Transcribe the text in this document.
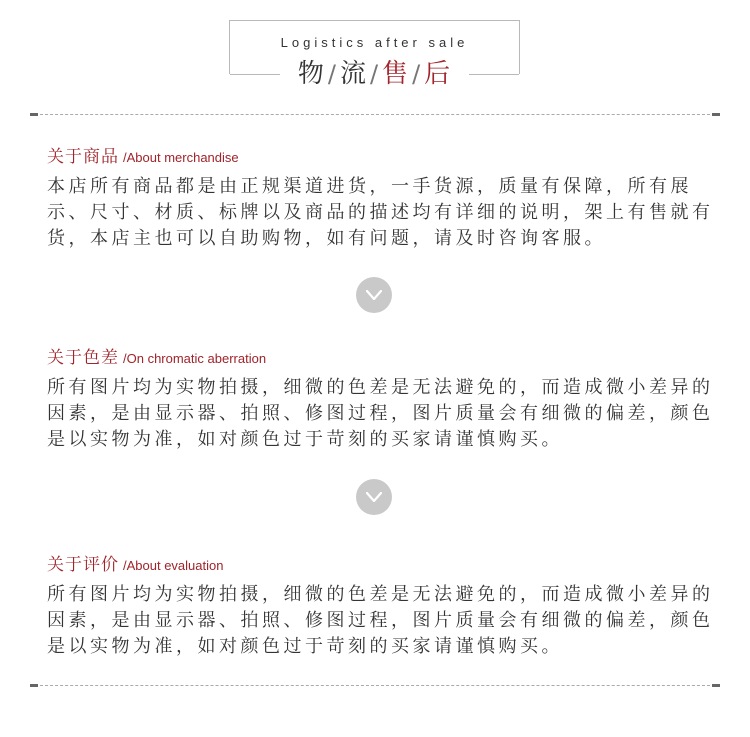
Logistics after sale
物 / 流 / 售 / 后
关于商品 /About merchandise
本店所有商品都是由正规渠道进货，一手货源，质量有保障，所有展示、尺寸、材质、标牌以及商品的描述均有详细的说明，架上有售就有货，本店主也可以自助购物，如有问题，请及时咨询客服。
关于色差 /On chromatic aberration
所有图片均为实物拍摄，细微的色差是无法避免的，而造成微小差异的因素，是由显示器、拍照、修图过程，图片质量会有细微的偏差，颜色是以实物为准，如对颜色过于苛刻的买家请谨慎购买。
关于评价 /About evaluation
所有图片均为实物拍摄，细微的色差是无法避免的，而造成微小差异的因素，是由显示器、拍照、修图过程，图片质量会有细微的偏差，颜色是以实物为准，如对颜色过于苛刻的买家请谨慎购买。
